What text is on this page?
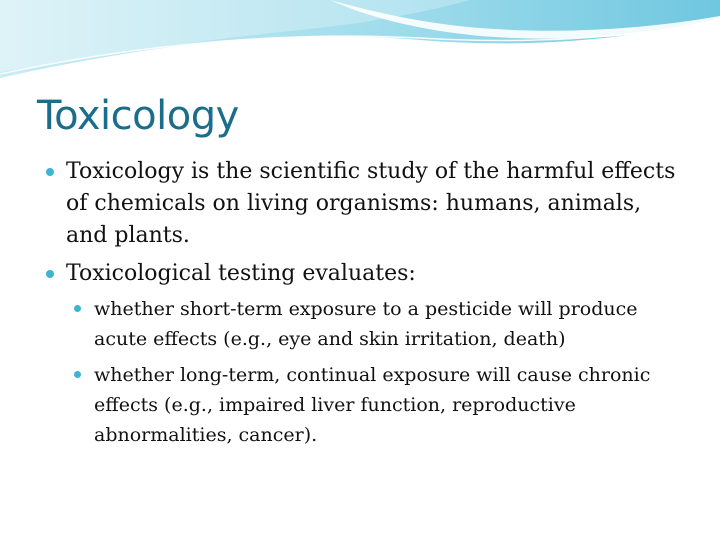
Toxicology
Toxicology is the scientific study of the harmful effects of chemicals on living organisms: humans, animals, and plants.
Toxicological testing evaluates:
whether short-term exposure to a pesticide will produce acute effects (e.g., eye and skin irritation, death)
whether long-term, continual exposure will cause chronic effects (e.g., impaired liver function, reproductive abnormalities, cancer).
